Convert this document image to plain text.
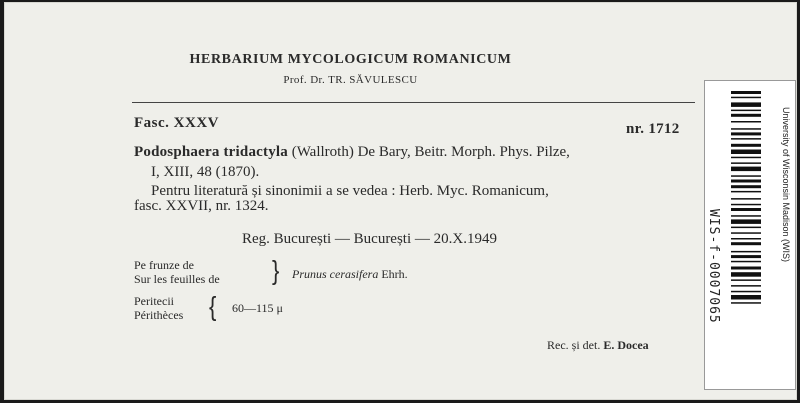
HERBARIUM MYCOLOGICUM ROMANICUM
Prof. Dr. TR. SĂVULESCU
Fasc. XXXV	nr. 1712
Podosphaera tridactyla (Wallroth) De Bary, Beitr. Morph. Phys. Pilze,
I, XIII, 48 (1870).
Pentru literatură și sinonimii a se vedea : Herb. Myc. Romanicum,
fasc. XXVII, nr. 1324.
Reg. București — București — 20.X.1949
Pe frunze de
Sur les feuilles de } Prunus cerasifera Ehrh.
Peritecii
Périthèces { 60—115 μ
Rec. și det. E. Docea
University of Wisconsin Madison (WIS)
WIS-f-0007065
